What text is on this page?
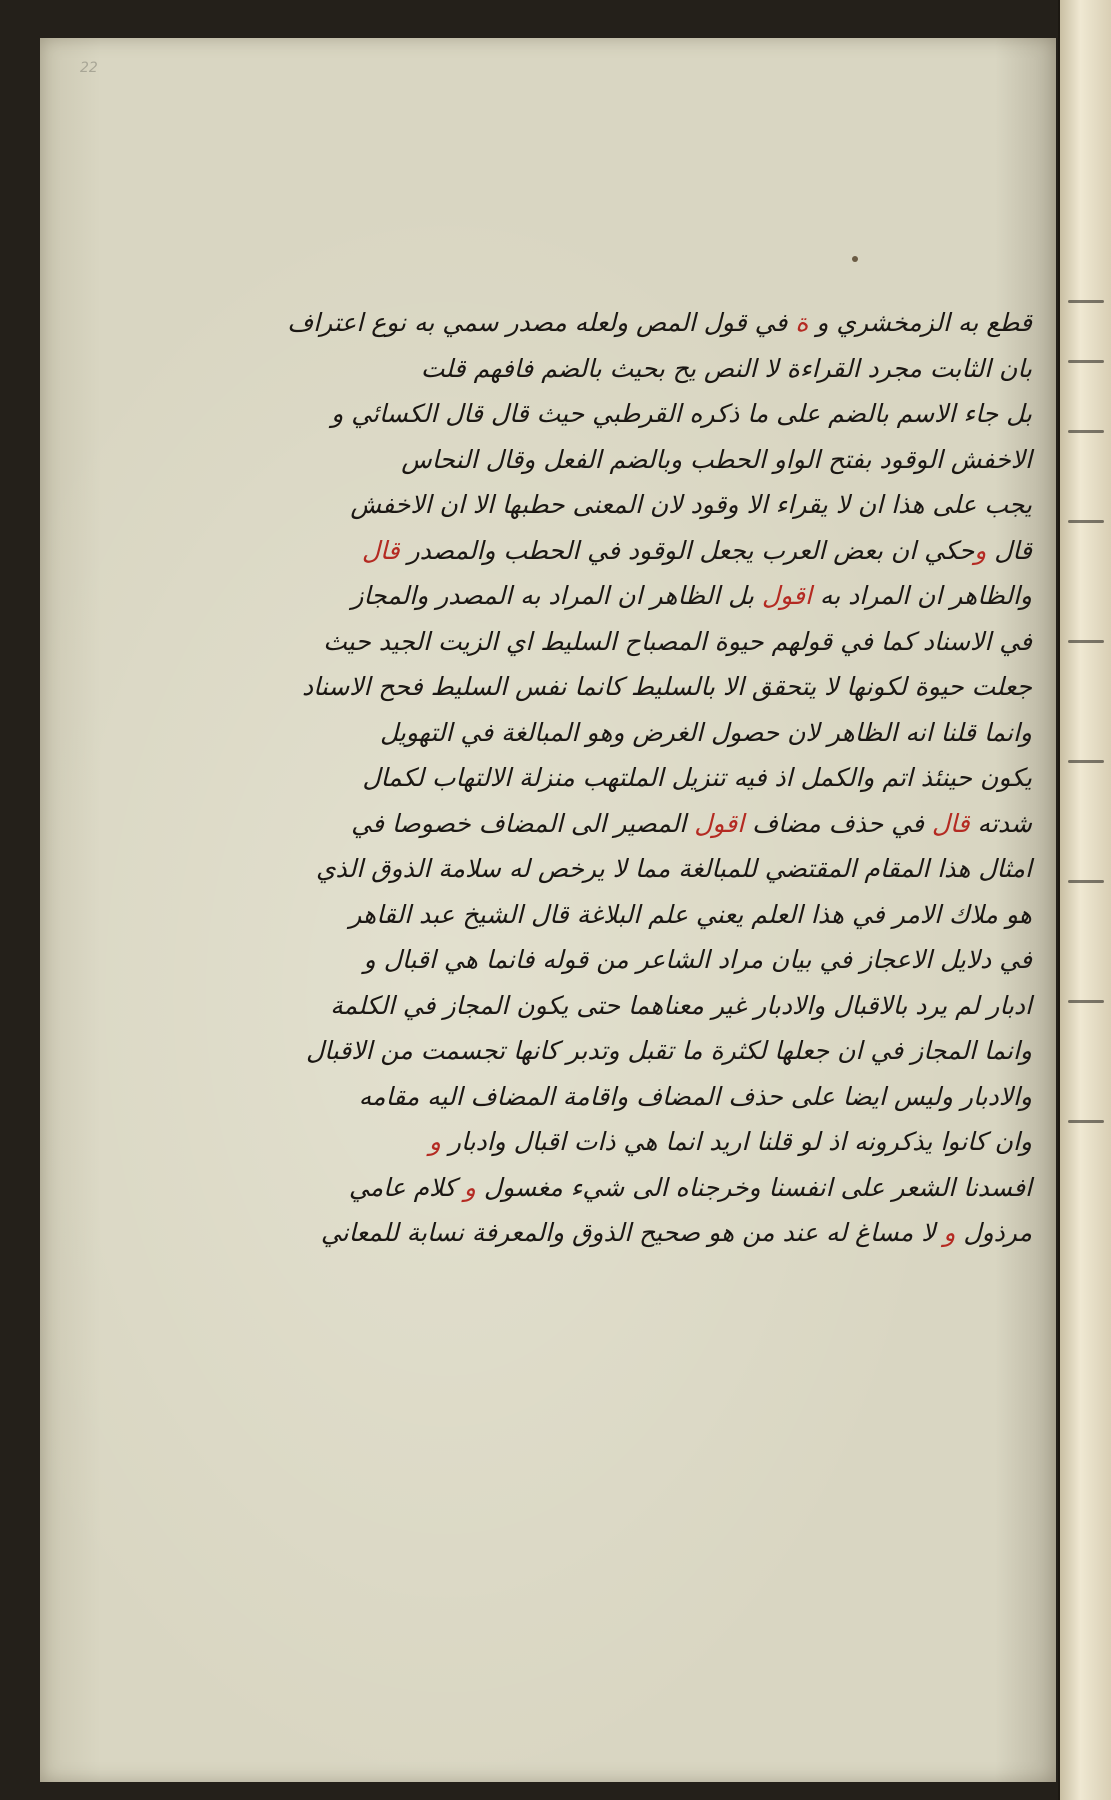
22
قطع به الزمخشري و ة في قول المص ولعله مصدر سمي به نوع اعتراف
بان الثابت مجرد القراءة لا النص يح بحيث بالضم فافهم قلت
بل جاء الاسم بالضم على ما ذكره القرطبي حيث قال قال الكسائي و
الاخفش الوقود بفتح الواو الحطب وبالضم الفعل وقال النحاس
يجب على هذا ان لا يقراء الا وقود لان المعنى حطبها الا ان الاخفش
قال وحكي ان بعض العرب يجعل الوقود في الحطب والمصدر قال
والظاهر ان المراد به اقول بل الظاهر ان المراد به المصدر والمجاز
في الاسناد كما في قولهم حيوة المصباح السليط اي الزيت الجيد حيث
جعلت حيوة لكونها لا يتحقق الا بالسليط كانما نفس السليط فحح الاسناد
وانما قلنا انه الظاهر لان حصول الغرض وهو المبالغة في التهويل
يكون حينئذ اتم والكمل اذ فيه تنزيل الملتهب منزلة الالتهاب لكمال
شدته قال في حذف مضاف اقول المصير الى المضاف خصوصا في
امثال هذا المقام المقتضي للمبالغة مما لا يرخص له سلامة الذوق الذي
هو ملاك الامر في هذا العلم يعني علم البلاغة قال الشيخ عبد القاهر
في دلايل الاعجاز في بيان مراد الشاعر من قوله فانما هي اقبال و
ادبار لم يرد بالاقبال والادبار غير معناهما حتى يكون المجاز في الكلمة
وانما المجاز في ان جعلها لكثرة ما تقبل وتدبر كانها تجسمت من الاقبال
والادبار وليس ايضا على حذف المضاف واقامة المضاف اليه مقامه
وان كانوا يذكرونه اذ لو قلنا اريد انما هي ذات اقبال وادبار و
افسدنا الشعر على انفسنا وخرجناه الى شيء مغسول و كلام عامي
مرذول و لا مساغ له عند من هو صحيح الذوق والمعرفة نسابة للمعاني
